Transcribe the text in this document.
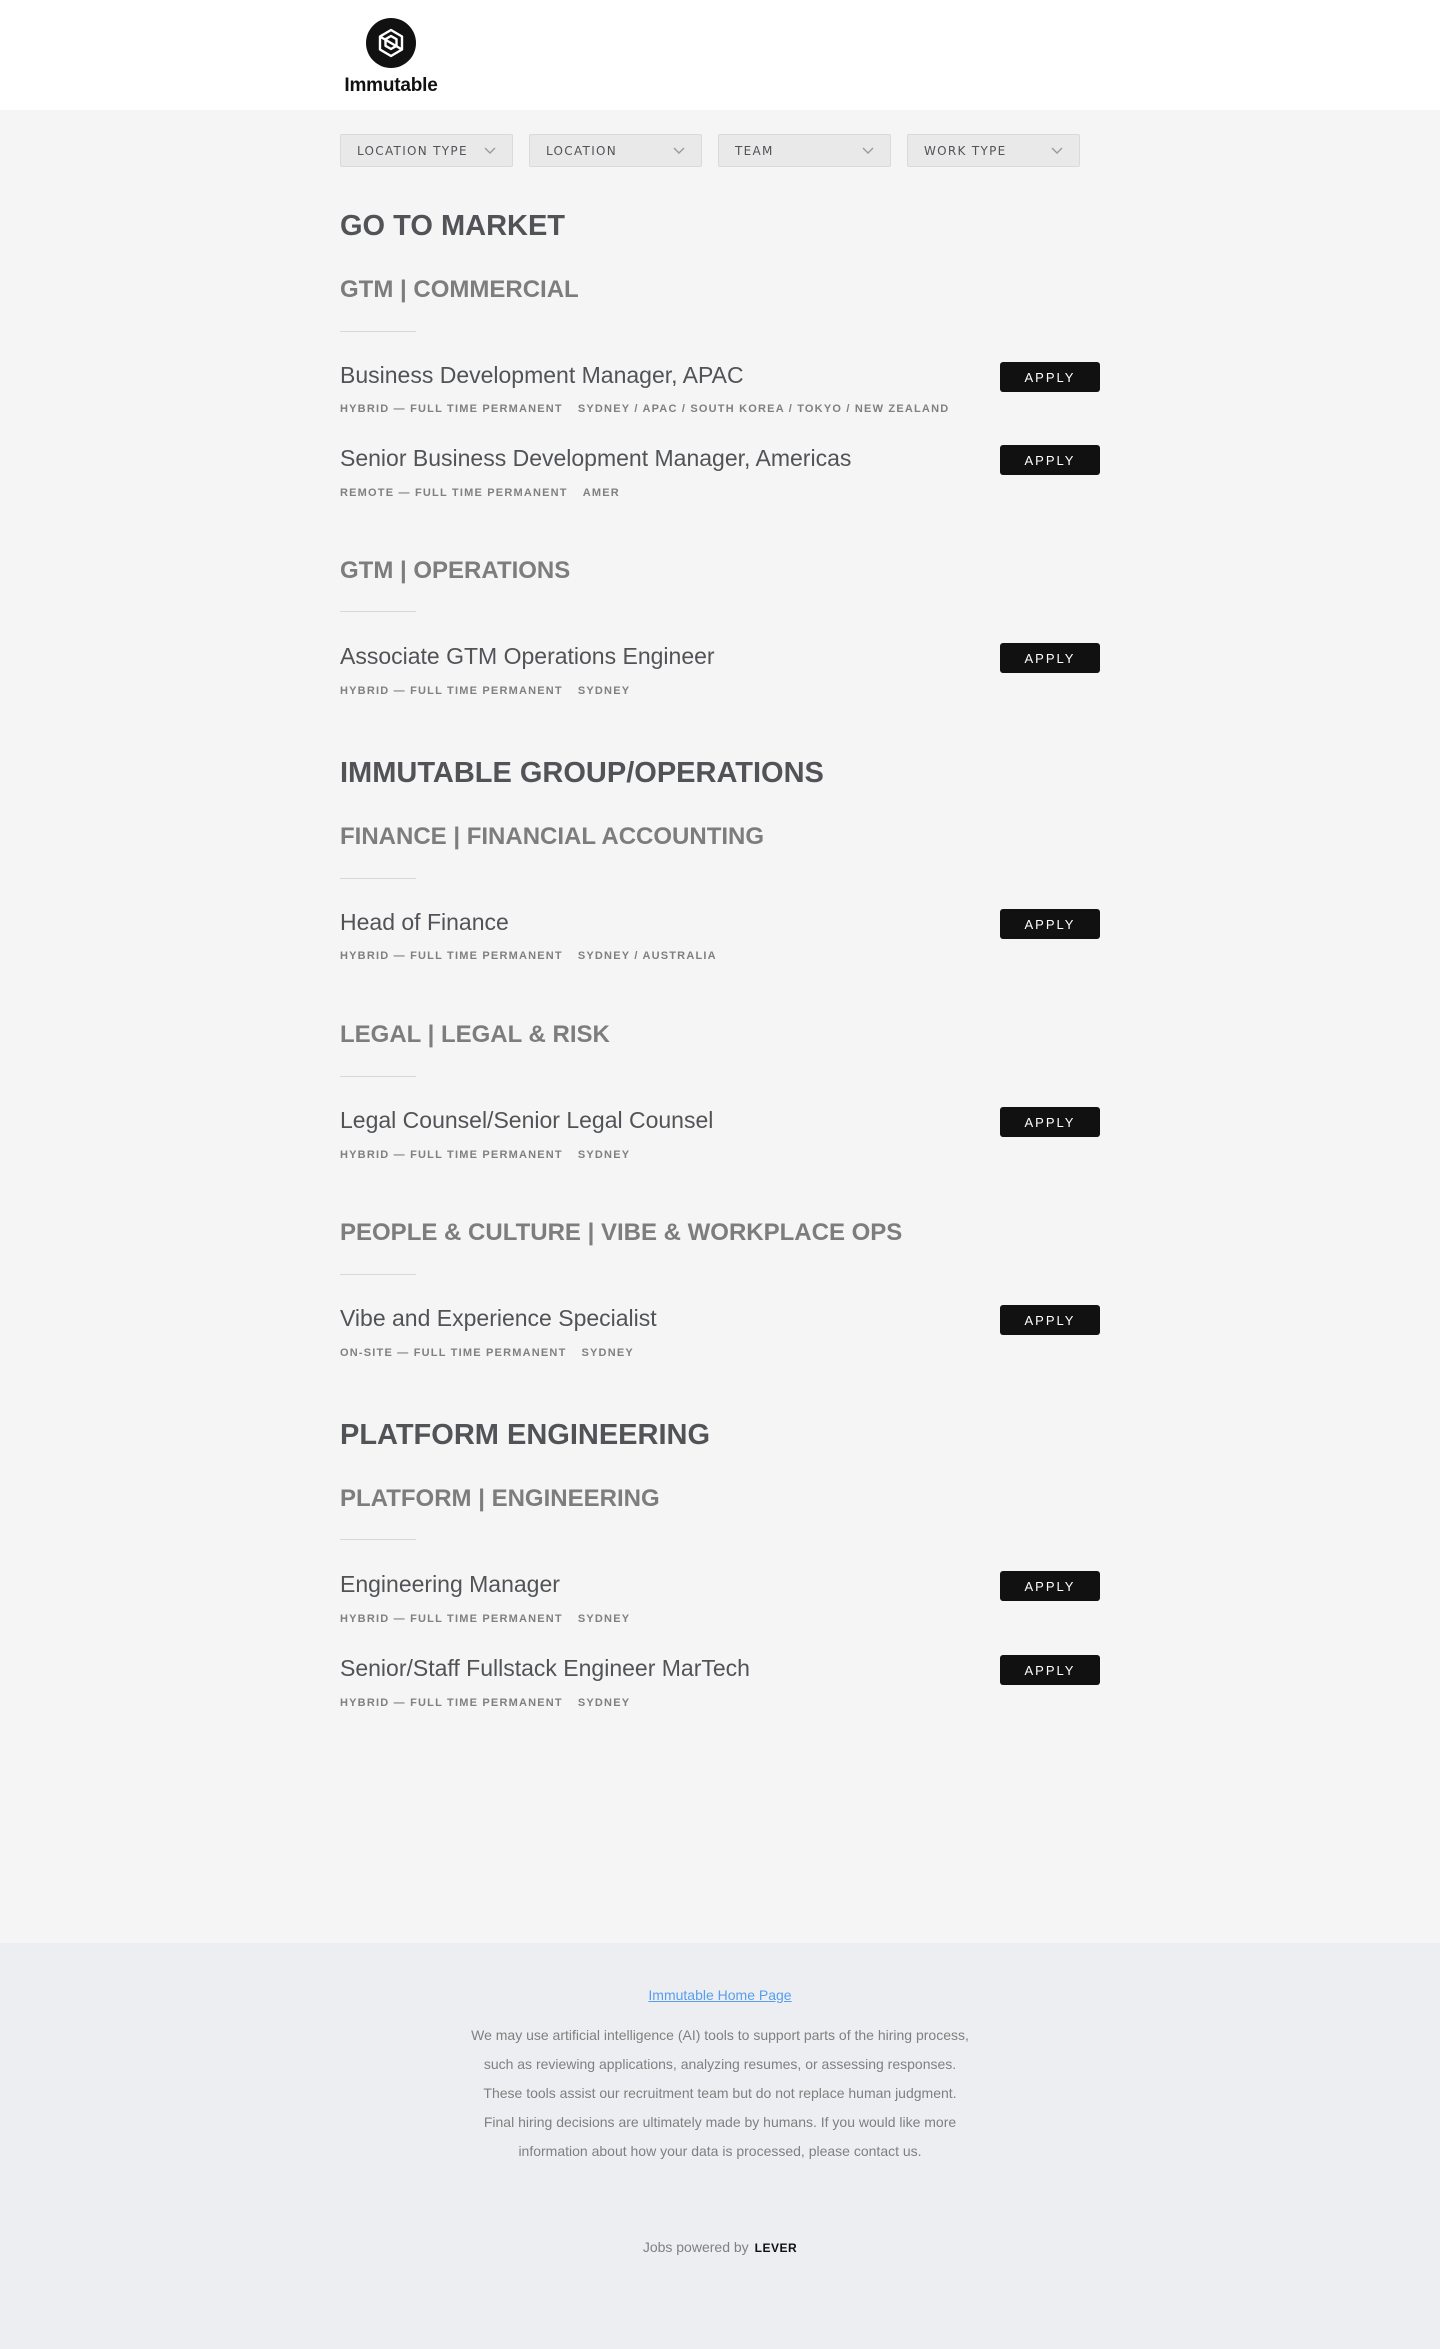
Immutable
LOCATION TYPE	LOCATION	TEAM	WORK TYPE
GO TO MARKET
GTM | COMMERCIAL
Business Development Manager, APAC
HYBRID — FULL TIME PERMANENT SYDNEY / APAC / SOUTH KOREA / TOKYO / NEW ZEALAND
APPLY
Senior Business Development Manager, Americas
REMOTE — FULL TIME PERMANENT AMER
APPLY
GTM | OPERATIONS
Associate GTM Operations Engineer
HYBRID — FULL TIME PERMANENT SYDNEY
APPLY
IMMUTABLE GROUP/OPERATIONS
FINANCE | FINANCIAL ACCOUNTING
Head of Finance
HYBRID — FULL TIME PERMANENT SYDNEY / AUSTRALIA
APPLY
LEGAL | LEGAL & RISK
Legal Counsel/Senior Legal Counsel
HYBRID — FULL TIME PERMANENT SYDNEY
APPLY
PEOPLE & CULTURE | VIBE & WORKPLACE OPS
Vibe and Experience Specialist
ON-SITE — FULL TIME PERMANENT SYDNEY
APPLY
PLATFORM ENGINEERING
PLATFORM | ENGINEERING
Engineering Manager
HYBRID — FULL TIME PERMANENT SYDNEY
APPLY
Senior/Staff Fullstack Engineer MarTech
HYBRID — FULL TIME PERMANENT SYDNEY
APPLY
Immutable Home Page

We may use artificial intelligence (AI) tools to support parts of the hiring process, such as reviewing applications, analyzing resumes, or assessing responses. These tools assist our recruitment team but do not replace human judgment. Final hiring decisions are ultimately made by humans. If you would like more information about how your data is processed, please contact us.

Jobs powered by LEVER
